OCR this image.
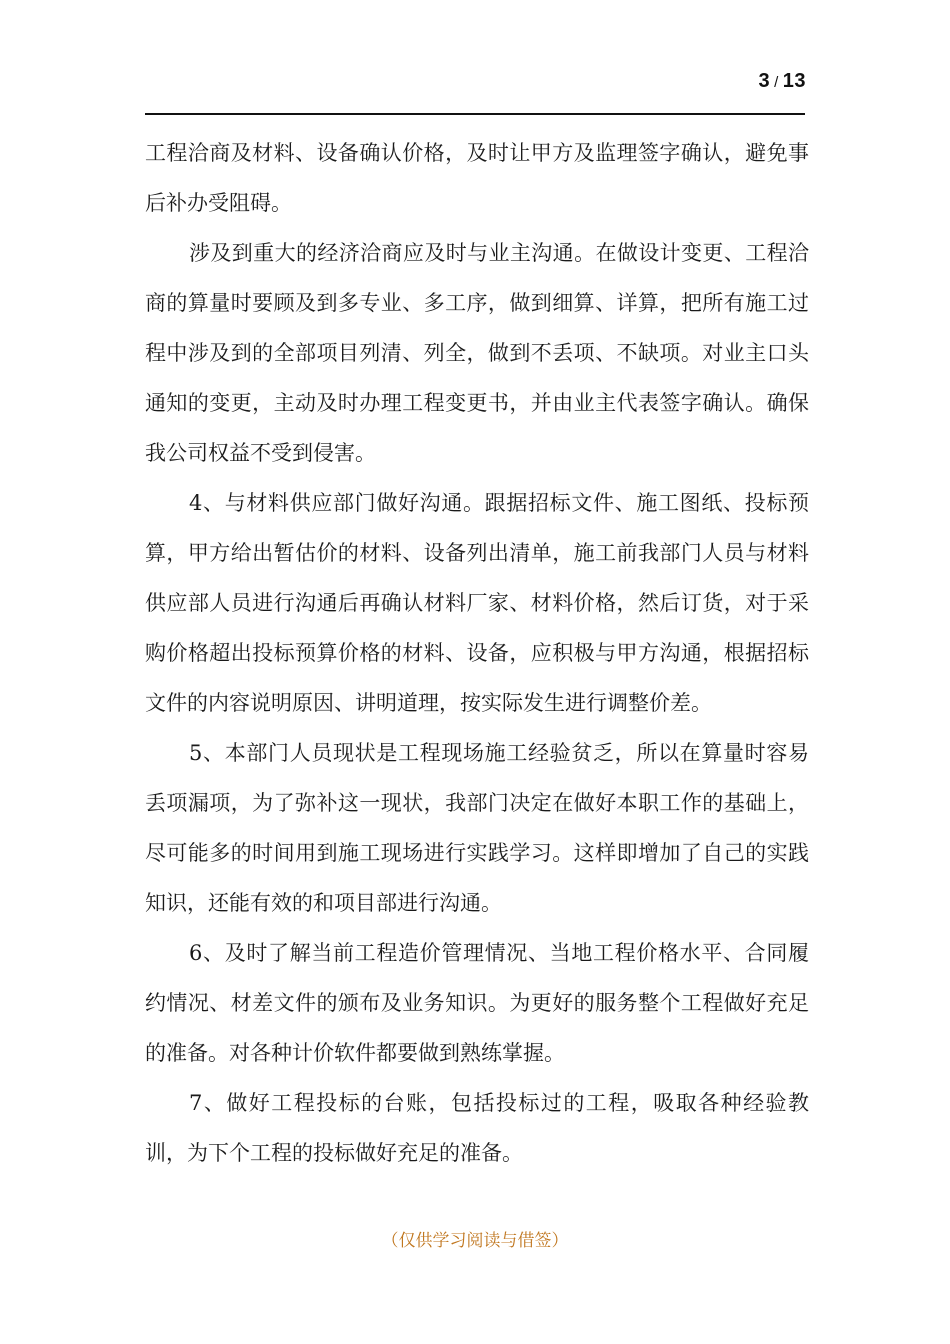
3 / 13

工程洽商及材料、设备确认价格，及时让甲方及监理签字确认，避免事后补办受阻碍。

涉及到重大的经济洽商应及时与业主沟通。在做设计变更、工程洽商的算量时要顾及到多专业、多工序，做到细算、详算，把所有施工过程中涉及到的全部项目列清、列全，做到不丢项、不缺项。对业主口头通知的变更，主动及时办理工程变更书，并由业主代表签字确认。确保我公司权益不受到侵害。

4、与材料供应部门做好沟通。跟据招标文件、施工图纸、投标预算，甲方给出暂估价的材料、设备列出清单，施工前我部门人员与材料供应部人员进行沟通后再确认材料厂家、材料价格，然后订货，对于采购价格超出投标预算价格的材料、设备，应积极与甲方沟通，根据招标文件的内容说明原因、讲明道理，按实际发生进行调整价差。

5、本部门人员现状是工程现场施工经验贫乏，所以在算量时容易丢项漏项，为了弥补这一现状，我部门决定在做好本职工作的基础上，尽可能多的时间用到施工现场进行实践学习。这样即增加了自己的实践知识，还能有效的和项目部进行沟通。

6、及时了解当前工程造价管理情况、当地工程价格水平、合同履约情况、材差文件的颁布及业务知识。为更好的服务整个工程做好充足的准备。对各种计价软件都要做到熟练掌握。

7、做好工程投标的台账，包括投标过的工程，吸取各种经验教训，为下个工程的投标做好充足的准备。

（仅供学习阅读与借签）
